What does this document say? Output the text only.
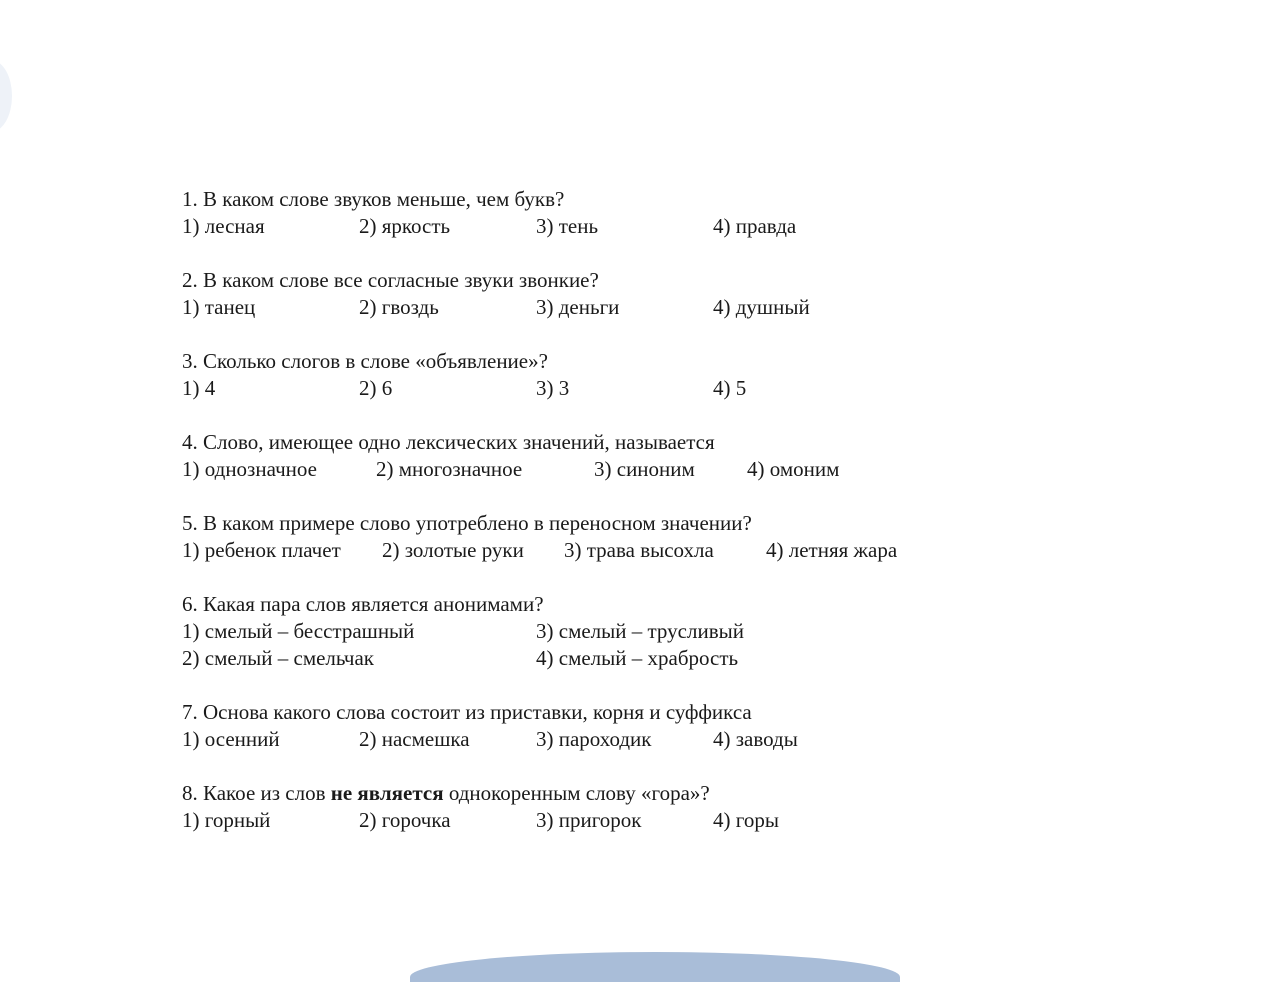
1. В каком слове звуков меньше, чем букв?
1) лесная	2) яркость	3) тень	4) правда
2. В каком слове все согласные звуки звонкие?
1) танец	2) гвоздь	3) деньги	4) душный
3. Сколько слогов в слове «объявление»?
1) 4	2) 6	3) 3	4) 5
4. Слово, имеющее одно лексических значений, называется
1) однозначное	2) многозначное	3) синоним 4) омоним
5. В каком примере слово употреблено в переносном значении?
1) ребенок плачет 2) золотые руки 3) трава высохла 4) летняя жара
6. Какая пара слов является анонимами?
1) смелый – бесстрашный	3) смелый – трусливый
2) смелый – смельчак	4) смелый – храбрость
7. Основа какого слова состоит из приставки, корня и суффикса
1) осенний	2) насмешка	3) пароходик	4) заводы
8. Какое из слов не является однокоренным слову «гора»?
1) горный	2) горочка	3) пригорок	4) горы
